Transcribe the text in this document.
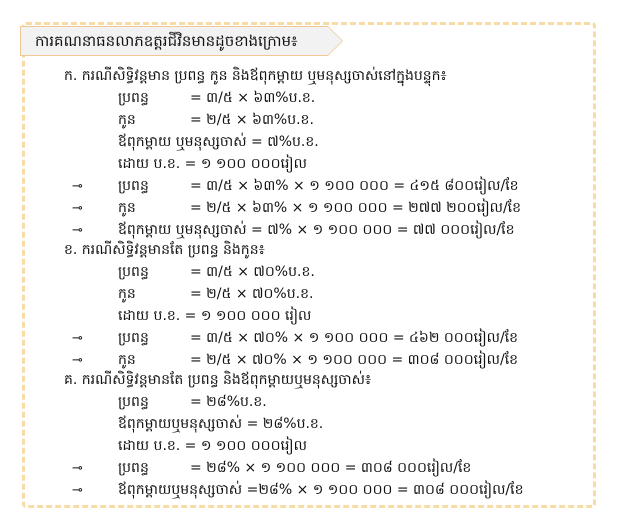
ការគណនាធនលាភឧត្ដរជីវិនមានដូចខាងក្រោម៖
ក. ករណីសិទ្ធិវន្ដមាន ប្រពន្ធ កូន និងឪពុកម្ដាយ ឬមនុស្សចាស់នៅក្នុងបន្ទុក៖
ប្រពន្ធ	= ៣/៥ × ៦៣%ប.ខ.
កូន	= ២/៥ × ៦៣%ប.ខ.
ឪពុកម្ដាយ ឬមនុស្សចាស់ = ៧%ប.ខ.
ដោយ ប.ខ. = ១ ១០០ ០០០រៀល
⊸	ប្រពន្ធ	= ៣/៥ × ៦៣% × ១ ១០០ ០០០ = ៤១៥ ៨០០រៀល/ខែ
⊸	កូន	= ២/៥ × ៦៣% × ១ ១០០ ០០០ = ២៧៧ ២០០រៀល/ខែ
⊸	ឪពុកម្ដាយ ឬមនុស្សចាស់ = ៧% × ១ ១០០ ០០០ = ៧៧ ០០០រៀល/ខែ
ខ. ករណីសិទ្ធិវន្ដមានតែ ប្រពន្ធ និងកូន៖
ប្រពន្ធ	= ៣/៥ × ៧០%ប.ខ.
កូន	= ២/៥ × ៧០%ប.ខ.
ដោយ ប.ខ. = ១ ១០០ ០០០ រៀល
⊸	ប្រពន្ធ	= ៣/៥ × ៧០% × ១ ១០០ ០០០ = ៤៦២ ០០០រៀល/ខែ
⊸	កូន	= ២/៥ × ៧០% × ១ ១០០ ០០០ = ៣០៨ ០០០រៀល/ខែ
គ. ករណីសិទ្ធិវន្ដមានតែ ប្រពន្ធ និងឪពុកម្ដាយឬមនុស្សចាស់៖
ប្រពន្ធ	= ២៨%ប.ខ.
ឪពុកម្ដាយឬមនុស្សចាស់ = ២៨%ប.ខ.
ដោយ ប.ខ. = ១ ១០០ ០០០រៀល
⊸	ប្រពន្ធ	= ២៨% × ១ ១០០ ០០០ = ៣០៨ ០០០រៀល/ខែ
⊸	ឪពុកម្ដាយឬមនុស្សចាស់ =២៨% × ១ ១០០ ០០០ = ៣០៨ ០០០រៀល/ខែ
